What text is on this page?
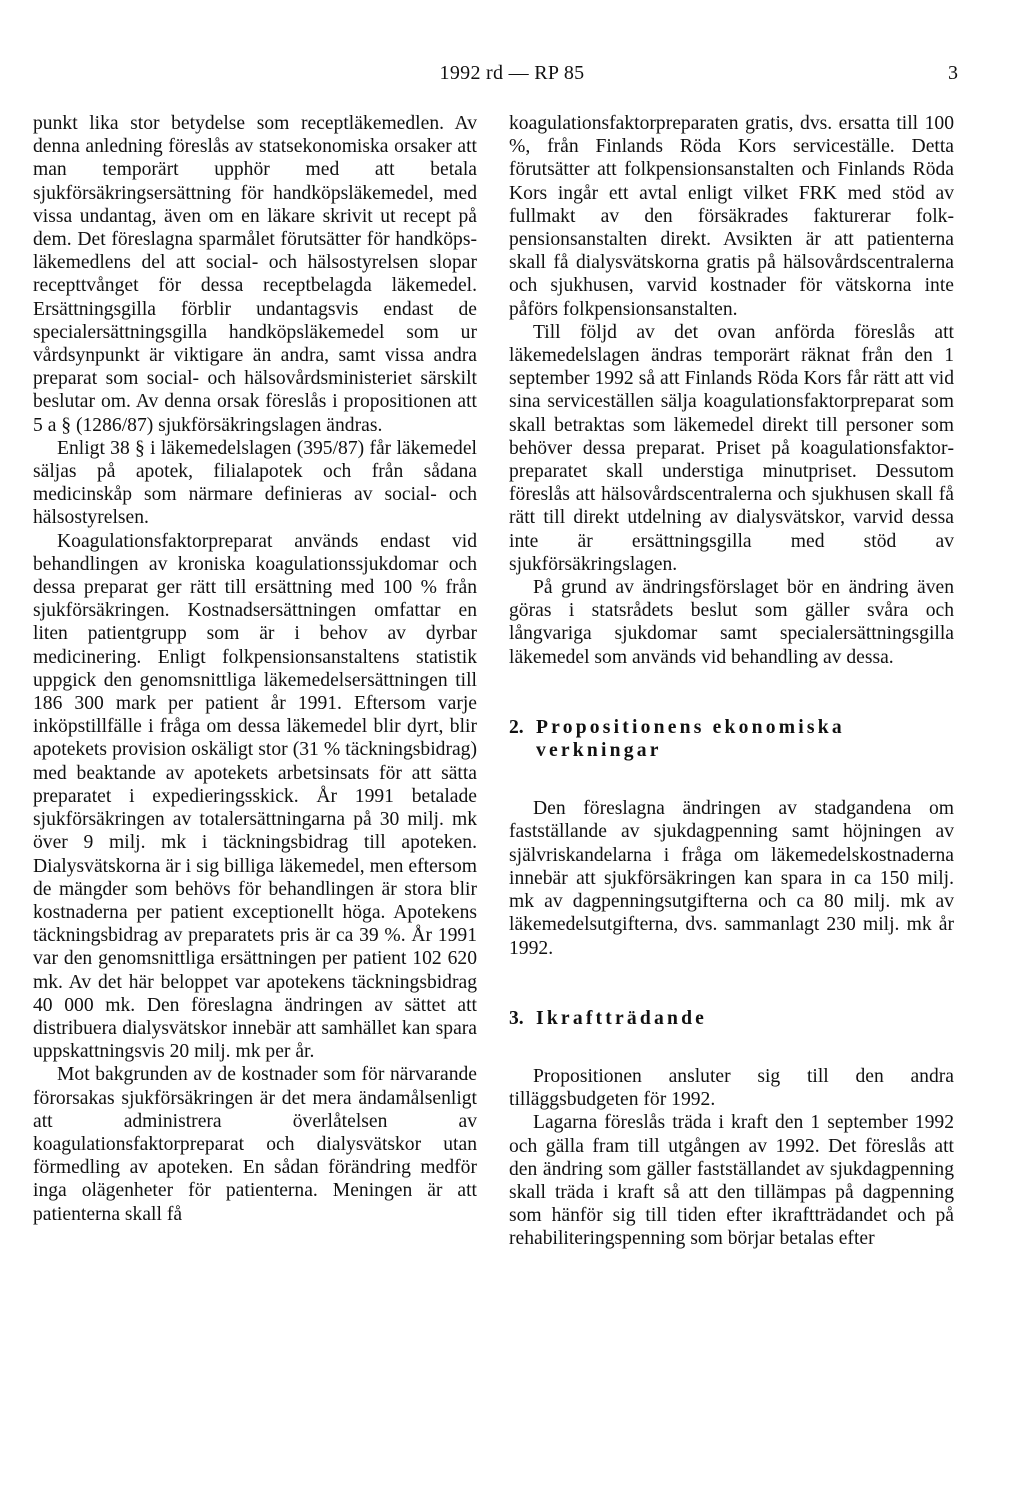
1992 rd — RP 85	3

punkt lika stor betydelse som receptläkemedlen. Av denna anledning föreslås av statsekonomiska orsaker att man temporärt upphör med att betala sjukförsäkringsersättning för handköpsläkemedel, med vissa undantag, även om en läkare skrivit ut recept på dem. Det föreslagna sparmålet förutsätter för handköpsläkemedlens del att social- och hälsostyrelsen slopar recepttvånget för dessa receptbelagda läkemedel. Ersättningsgilla förblir undantagsvis endast de specialersättningsgilla handköpsläkemedel som ur vårdsynpunkt är viktigare än andra, samt vissa andra preparat som social- och hälsovårdsministeriet särskilt beslutar om. Av denna orsak föreslås i propositionen att 5 a § (1286/87) sjukförsäkringslagen ändras.

Enligt 38 § i läkemedelslagen (395/87) får läkemedel säljas på apotek, filialapotek och från sådana medicinskåp som närmare definieras av social- och hälsostyrelsen.

Koagulationsfaktorpreparat används endast vid behandlingen av kroniska koagulationssjukdomar och dessa preparat ger rätt till ersättning med 100 % från sjukförsäkringen. Kostnadsersättningen omfattar en liten patientgrupp som är i behov av dyrbar medicinering. Enligt folkpensionsanstaltens statistik uppgick den genomsnittliga läkemedelsersättningen till 186 300 mark per patient år 1991. Eftersom varje inköpstillfälle i fråga om dessa läkemedel blir dyrt, blir apotekets provision oskäligt stor (31 % täckningsbidrag) med beaktande av apotekets arbetsinsats för att sätta preparatet i expedieringsskick. År 1991 betalade sjukförsäkringen av totalersättningarna på 30 milj. mk över 9 milj. mk i täckningsbidrag till apoteken. Dialysvätskorna är i sig billiga läkemedel, men eftersom de mängder som behövs för behandlingen är stora blir kostnaderna per patient exceptionellt höga. Apotekens täckningsbidrag av preparatets pris är ca 39 %. År 1991 var den genomsnittliga ersättningen per patient 102 620 mk. Av det här beloppet var apotekens täckningsbidrag 40 000 mk. Den föreslagna ändringen av sättet att distribuera dialysvätskor innebär att samhället kan spara uppskattningsvis 20 milj. mk per år.

Mot bakgrunden av de kostnader som för närvarande förorsakas sjukförsäkringen är det mera ändamålsenligt att administrera överlåtelsen av koagulationsfaktorpreparat och dialysvätskor utan förmedling av apoteken. En sådan förändring medför inga olägenheter för patienterna. Meningen är att patienterna skall få

koagulationsfaktorpreparaten gratis, dvs. ersatta till 100 %, från Finlands Röda Kors serviceställe. Detta förutsätter att folkpensionsanstalten och Finlands Röda Kors ingår ett avtal enligt vilket FRK med stöd av fullmakt av den försäkrades fakturerar folkpensionsanstalten direkt. Avsikten är att patienterna skall få dialysvätskorna gratis på hälsovårdscentralerna och sjukhusen, varvid kostnader för vätskorna inte påförs folkpensionsanstalten.

Till följd av det ovan anförda föreslås att läkemedelslagen ändras temporärt räknat från den 1 september 1992 så att Finlands Röda Kors får rätt att vid sina serviceställen sälja koagulationsfaktorpreparat som skall betraktas som läkemedel direkt till personer som behöver dessa preparat. Priset på koagulationsfaktorpreparatet skall understiga minutpriset. Dessutom föreslås att hälsovårdscentralerna och sjukhusen skall få rätt till direkt utdelning av dialysvätskor, varvid dessa inte är ersättningsgilla med stöd av sjukförsäkringslagen.

På grund av ändringsförslaget bör en ändring även göras i statsrådets beslut som gäller svåra och långvariga sjukdomar samt specialersättningsgilla läkemedel som används vid behandling av dessa.

2. Propositionens ekonomiska verkningar

Den föreslagna ändringen av stadgandena om fastställande av sjukdagpenning samt höjningen av självriskandelarna i fråga om läkemedelskostnaderna innebär att sjukförsäkringen kan spara in ca 150 milj. mk av dagpenningsutgifterna och ca 80 milj. mk av läkemedelsutgifterna, dvs. sammanlagt 230 milj. mk år 1992.

3. Ikraftträdande

Propositionen ansluter sig till den andra tilläggsbudgeten för 1992.

Lagarna föreslås träda i kraft den 1 september 1992 och gälla fram till utgången av 1992. Det föreslås att den ändring som gäller fastställandet av sjukdagpenning skall träda i kraft så att den tillämpas på dagpenning som hänför sig till tiden efter ikraftträdandet och på rehabiliteringspenning som börjar betalas efter
